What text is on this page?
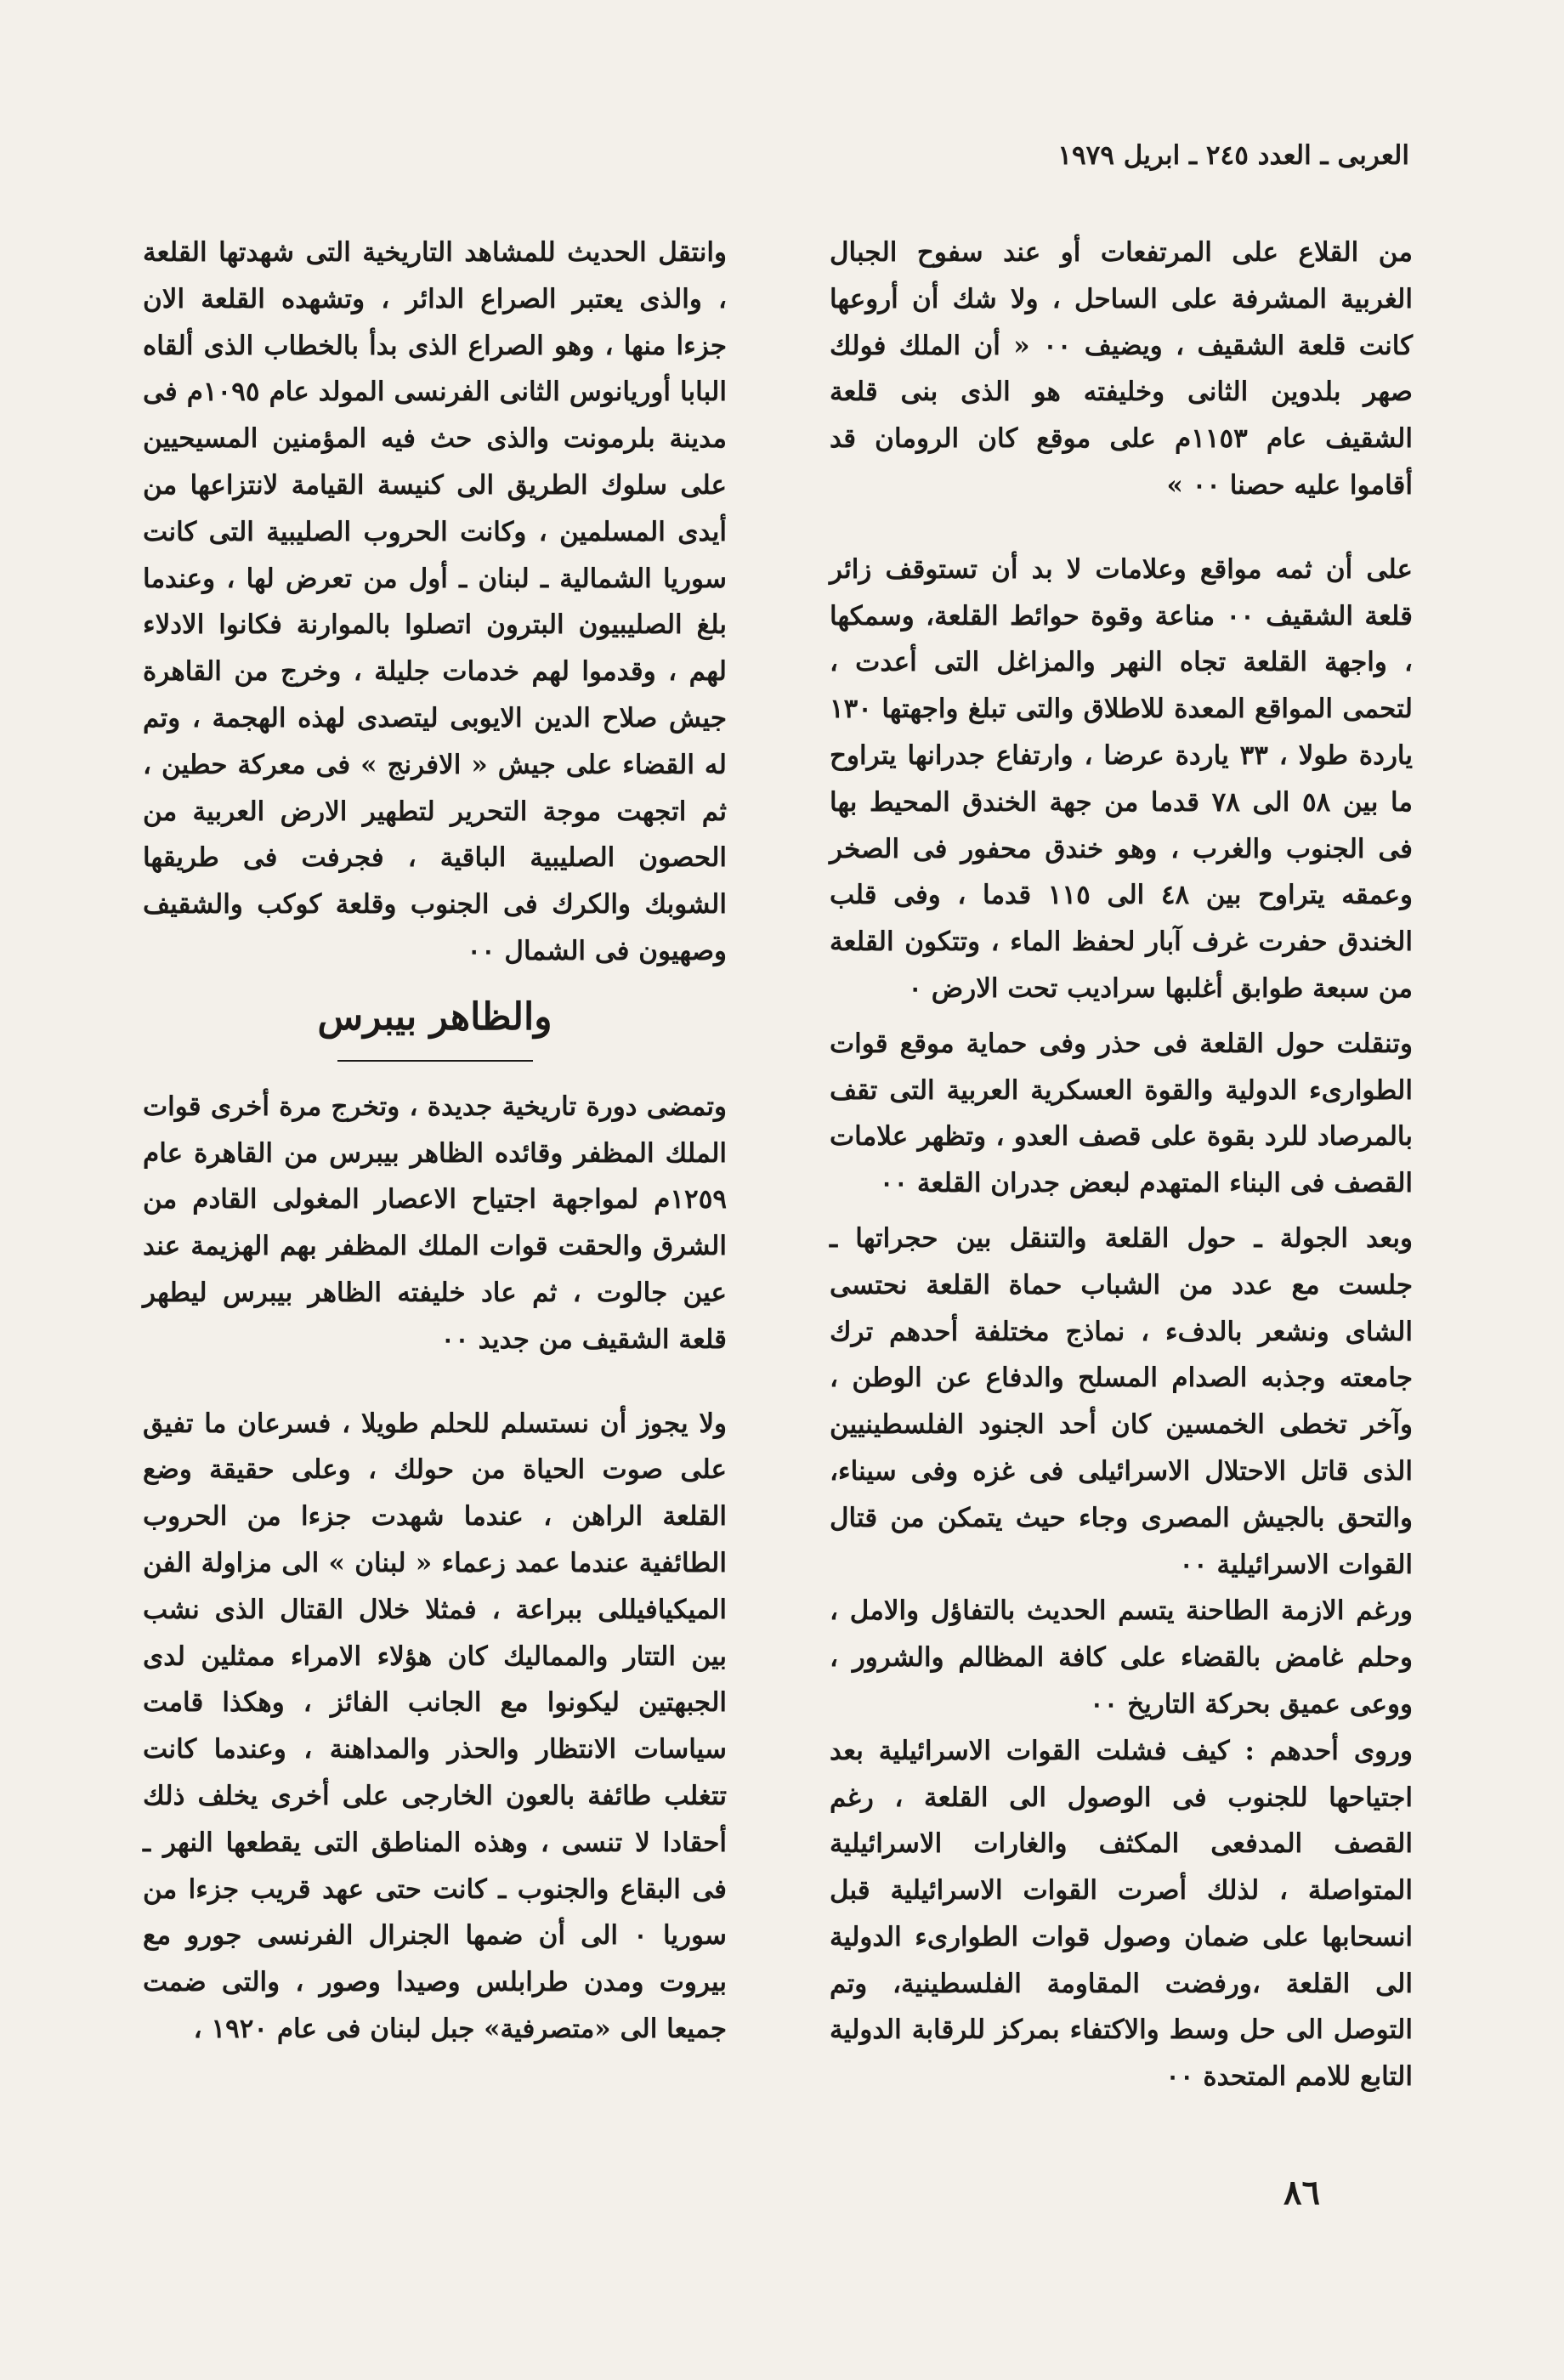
العربى ـ العدد ٢٤٥ ـ ابريل ١٩٧٩

من القلاع على المرتفعات أو عند سفوح الجبال الغربية المشرفة على الساحل ، ولا شك أن أروعها كانت قلعة الشقيف ، ويضيف ٠٠ « أن الملك فولك صهر بلدوين الثانى وخليفته هو الذى بنى قلعة الشقيف عام ١١٥٣م على موقع كان الرومان قد أقاموا عليه حصنا ٠٠ »

على أن ثمه مواقع وعلامات لا بد أن تستوقف زائر قلعة الشقيف ٠٠ مناعة وقوة حوائط القلعة، وسمكها ، واجهة القلعة تجاه النهر والمزاغل التى أعدت ، لتحمى المواقع المعدة للاطلاق والتى تبلغ واجهتها ١٣٠ ياردة طولا ، ٣٣ ياردة عرضا ، وارتفاع جدرانها يتراوح ما بين ٥٨ الى ٧٨ قدما من جهة الخندق المحيط بها فى الجنوب والغرب ، وهو خندق محفور فى الصخر وعمقه يتراوح بين ٤٨ الى ١١٥ قدما ، وفى قلب الخندق حفرت غرف آبار لحفظ الماء ، وتتكون القلعة من سبعة طوابق أغلبها سراديب تحت الارض ٠

وتنقلت حول القلعة فى حذر وفى حماية موقع قوات الطوارىء الدولية والقوة العسكرية العربية التى تقف بالمرصاد للرد بقوة على قصف العدو ، وتظهر علامات القصف فى البناء المتهدم لبعض جدران القلعة ٠٠

وبعد الجولة ـ حول القلعة والتنقل بين حجراتها ـ جلست مع عدد من الشباب حماة القلعة نحتسى الشاى ونشعر بالدفء ، نماذج مختلفة أحدهم ترك جامعته وجذبه الصدام المسلح والدفاع عن الوطن ، وآخر تخطى الخمسين كان أحد الجنود الفلسطينيين الذى قاتل الاحتلال الاسرائيلى فى غزه وفى سيناء، والتحق بالجيش المصرى وجاء حيث يتمكن من قتال القوات الاسرائيلية ٠٠

ورغم الازمة الطاحنة يتسم الحديث بالتفاؤل والامل ، وحلم غامض بالقضاء على كافة المظالم والشرور ، ووعى عميق بحركة التاريخ ٠٠

وروى أحدهم : كيف فشلت القوات الاسرائيلية بعد اجتياحها للجنوب فى الوصول الى القلعة ، رغم القصف المدفعى المكثف والغارات الاسرائيلية المتواصلة ، لذلك أصرت القوات الاسرائيلية قبل انسحابها على ضمان وصول قوات الطوارىء الدولية الى القلعة ،ورفضت المقاومة الفلسطينية، وتم التوصل الى حل وسط والاكتفاء بمركز للرقابة الدولية التابع للامم المتحدة ٠٠

وانتقل الحديث للمشاهد التاريخية التى شهدتها القلعة ، والذى يعتبر الصراع الدائر ، وتشهده القلعة الان جزءا منها ، وهو الصراع الذى بدأ بالخطاب الذى ألقاه البابا أوريانوس الثانى الفرنسى المولد عام ١٠٩٥م فى مدينة بلرمونت والذى حث فيه المؤمنين المسيحيين على سلوك الطريق الى كنيسة القيامة لانتزاعها من أيدى المسلمين ، وكانت الحروب الصليبية التى كانت سوريا الشمالية ـ لبنان ـ أول من تعرض لها ، وعندما بلغ الصليبيون البترون اتصلوا بالموارنة فكانوا الادلاء لهم ، وقدموا لهم خدمات جليلة ، وخرج من القاهرة جيش صلاح الدين الايوبى ليتصدى لهذه الهجمة ، وتم له القضاء على جيش « الافرنج » فى معركة حطين ، ثم اتجهت موجة التحرير لتطهير الارض العربية من الحصون الصليبية الباقية ، فجرفت فى طريقها الشوبك والكرك فى الجنوب وقلعة كوكب والشقيف وصهيون فى الشمال ٠٠

والظاهر بيبرس

وتمضى دورة تاريخية جديدة ، وتخرج مرة أخرى قوات الملك المظفر وقائده الظاهر بيبرس من القاهرة عام ١٢٥٩م لمواجهة اجتياح الاعصار المغولى القادم من الشرق والحقت قوات الملك المظفر بهم الهزيمة عند عين جالوت ، ثم عاد خليفته الظاهر بيبرس ليطهر قلعة الشقيف من جديد ٠٠

ولا يجوز أن نستسلم للحلم طويلا ، فسرعان ما تفيق على صوت الحياة من حولك ، وعلى حقيقة وضع القلعة الراهن ، عندما شهدت جزءا من الحروب الطائفية عندما عمد زعماء « لبنان » الى مزاولة الفن الميكيافيللى ببراعة ، فمثلا خلال القتال الذى نشب بين التتار والمماليك كان هؤلاء الامراء ممثلين لدى الجبهتين ليكونوا مع الجانب الفائز ، وهكذا قامت سياسات الانتظار والحذر والمداهنة ، وعندما كانت تتغلب طائفة بالعون الخارجى على أخرى يخلف ذلك أحقادا لا تنسى ، وهذه المناطق التى يقطعها النهر ـ فى البقاع والجنوب ـ كانت حتى عهد قريب جزءا من سوريا ٠ الى أن ضمها الجنرال الفرنسى جورو مع بيروت ومدن طرابلس وصيدا وصور ، والتى ضمت جميعا الى «متصرفية» جبل لبنان فى عام ١٩٢٠ ،

٨٦
